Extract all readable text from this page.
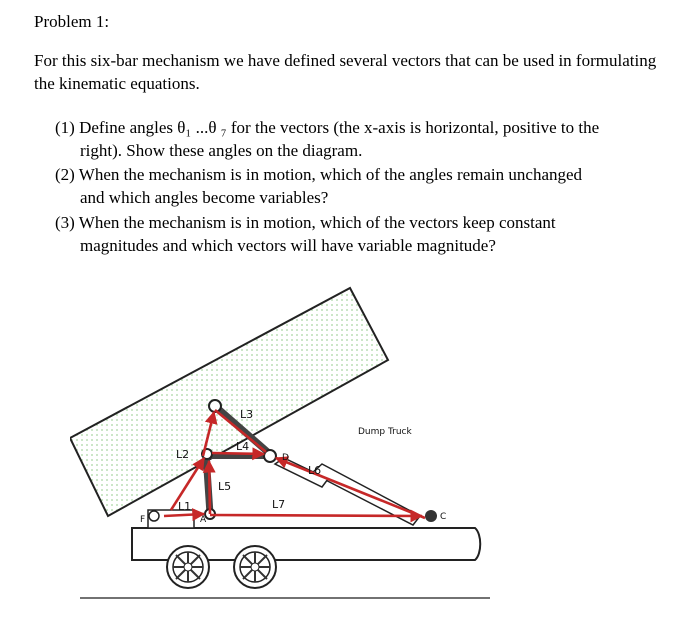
Problem 1:
For this six-bar mechanism we have defined several vectors that can be used in formulating the kinematic equations.
(1) Define angles θ₁ ...θ ₇ for the vectors (the x-axis is horizontal, positive to the
right). Show these angles on the diagram.
(2) When the mechanism is in motion, which of the angles remain unchanged
and which angles become variables?
(3) When the mechanism is in motion, which of the vectors keep constant
magnitudes and which vectors will have variable magnitude?
L1
L2
L3
L4
L5
L6
L7
A
D
C
F
Dump Truck
